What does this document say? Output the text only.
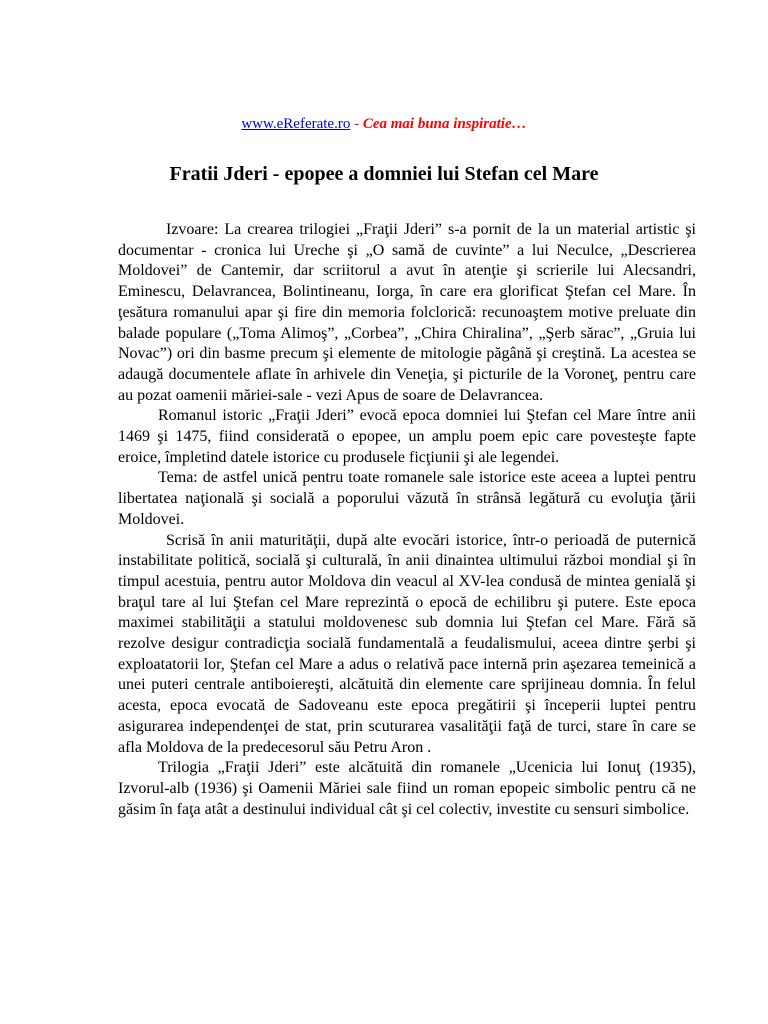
www.eReferate.ro - Cea mai buna inspiratie…
Fratii Jderi - epopee a domniei lui Stefan cel Mare

Izvoare: La crearea trilogiei „Fraţii Jderi” s-a pornit de la un material artistic şi documentar - cronica lui Ureche şi „O samă de cuvinte” a lui Neculce, „Descrierea Moldovei” de Cantemir, dar scriitorul a avut în atenţie şi scrierile lui Alecsandri, Eminescu, Delavrancea, Bolintineanu, Iorga, în care era glorificat Ştefan cel Mare. În ţesătura romanului apar şi fire din memoria folclorică: recunoaştem motive preluate din balade populare („Toma Alimoş”, „Corbea”, „Chira Chiralina”, „Şerb sărac”, „Gruia lui Novac”) ori din basme precum şi elemente de mitologie păgână şi creştină. La acestea se adaugă documentele aflate în arhivele din Veneţia, şi picturile de la Voroneţ, pentru care au pozat oamenii măriei-sale - vezi Apus de soare de Delavrancea.

Romanul istoric „Fraţii Jderi” evocă epoca domniei lui Ştefan cel Mare între anii 1469 şi 1475, fiind considerată o epopee, un amplu poem epic care povesteşte fapte eroice, împletind datele istorice cu produsele ficţiunii şi ale legendei.

Tema: de astfel unică pentru toate romanele sale istorice este aceea a luptei pentru libertatea naţională şi socială a poporului văzută în strânsă legătură cu evoluţia ţării Moldovei.

Scrisă în anii maturităţii, după alte evocări istorice, într-o perioadă de puternică instabilitate politică, socială şi culturală, în anii dinaintea ultimului război mondial şi în timpul acestuia, pentru autor Moldova din veacul al XV-lea condusă de mintea genială şi braţul tare al lui Ştefan cel Mare reprezintă o epocă de echilibru şi putere. Este epoca maximei stabilităţii a statului moldovenesc sub domnia lui Ştefan cel Mare. Fără să rezolve desigur contradicţia socială fundamentală a feudalismului, aceea dintre şerbi şi exploatatorii lor, Ştefan cel Mare a adus o relativă pace internă prin aşezarea temeinică a unei puteri centrale antiboiereşti, alcătuită din elemente care sprijineau domnia. În felul acesta, epoca evocată de Sadoveanu este epoca pregătirii şi începerii luptei pentru asigurarea independenţei de stat, prin scuturarea vasalităţii faţă de turci, stare în care se afla Moldova de la predecesorul său Petru Aron .

Trilogia „Fraţii Jderi” este alcătuită din romanele „Ucenicia lui Ionuţ (1935), Izvorul-alb (1936) şi Oamenii Măriei sale fiind un roman epopeic simbolic pentru că ne găsim în faţa atât a destinului individual cât şi cel colectiv, investite cu sensuri simbolice.
